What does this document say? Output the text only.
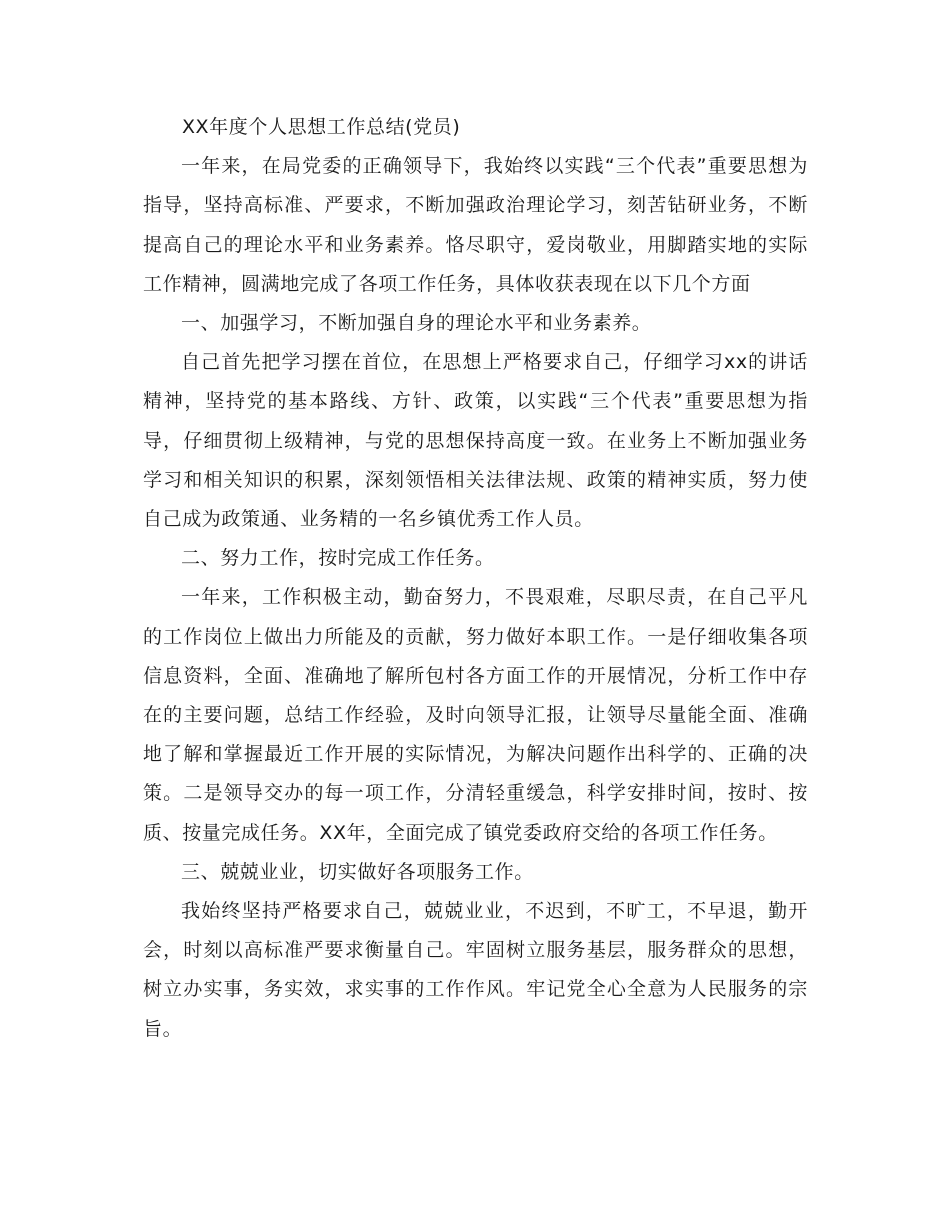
XX年度个人思想工作总结(党员)

一年来，在局党委的正确领导下，我始终以实践“三个代表”重要思想为指导，坚持高标准、严要求，不断加强政治理论学习，刻苦钻研业务，不断提高自己的理论水平和业务素养。恪尽职守，爱岗敬业，用脚踏实地的实际工作精神，圆满地完成了各项工作任务，具体收获表现在以下几个方面

一、加强学习，不断加强自身的理论水平和业务素养。

自己首先把学习摆在首位，在思想上严格要求自己，仔细学习xx的讲话精神，坚持党的基本路线、方针、政策，以实践“三个代表”重要思想为指导，仔细贯彻上级精神，与党的思想保持高度一致。在业务上不断加强业务学习和相关知识的积累，深刻领悟相关法律法规、政策的精神实质，努力使自己成为政策通、业务精的一名乡镇优秀工作人员。

二、努力工作，按时完成工作任务。

一年来，工作积极主动，勤奋努力，不畏艰难，尽职尽责，在自己平凡的工作岗位上做出力所能及的贡献，努力做好本职工作。一是仔细收集各项信息资料，全面、准确地了解所包村各方面工作的开展情况，分析工作中存在的主要问题，总结工作经验，及时向领导汇报，让领导尽量能全面、准确地了解和掌握最近工作开展的实际情况，为解决问题作出科学的、正确的决策。二是领导交办的每一项工作，分清轻重缓急，科学安排时间，按时、按质、按量完成任务。XX年，全面完成了镇党委政府交给的各项工作任务。

三、兢兢业业，切实做好各项服务工作。

我始终坚持严格要求自己，兢兢业业，不迟到，不旷工，不早退，勤开会，时刻以高标准严要求衡量自己。牢固树立服务基层，服务群众的思想，树立办实事，务实效，求实事的工作作风。牢记党全心全意为人民服务的宗旨。
